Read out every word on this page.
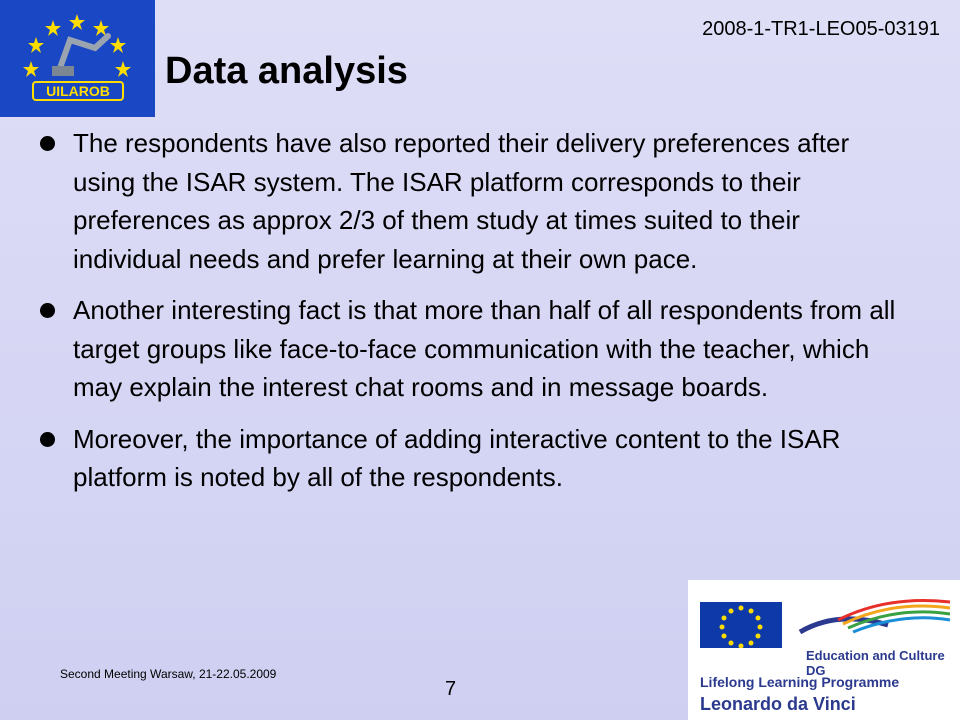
UILAROB
2008-1-TR1-LEO05-03191
Data analysis
The respondents have also reported their delivery preferences after using the ISAR system. The ISAR platform corresponds to their preferences as approx 2/3 of them study at times suited to their individual needs and prefer learning at their own pace.
Another interesting fact is that more than half of all respondents from all target groups like face-to-face communication with the teacher, which may explain the interest chat rooms and in message boards.
Moreover, the importance of adding interactive content to the ISAR platform is noted by all of the respondents.
Second Meeting Warsaw, 21-22.05.2009
7
Education and Culture DG
Lifelong Learning Programme
Leonardo da Vinci
